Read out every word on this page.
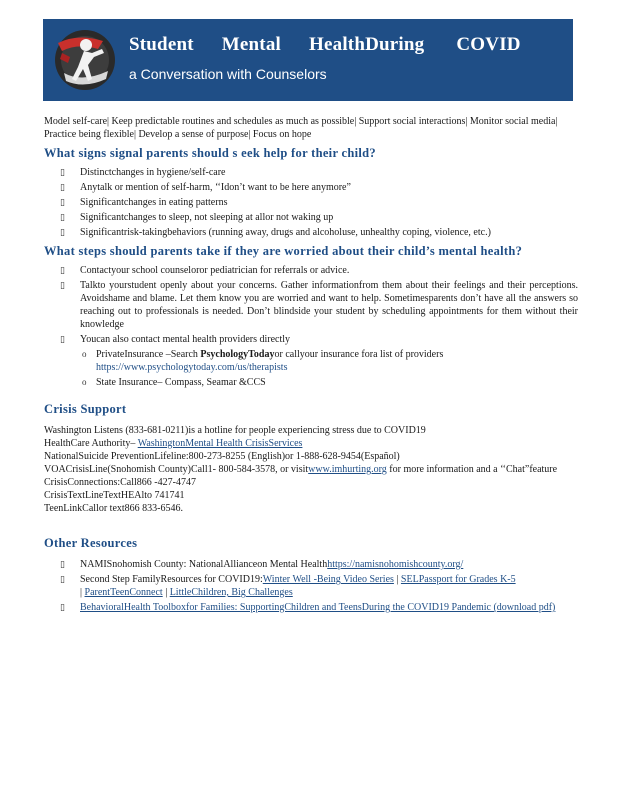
Student Mental HealthDuring COVID
a Conversation with Counselors

Model self-care| Keep predictable routines and schedules as much as possible| Support social interactions| Monitor social media| Practice being flexible| Develop a sense of purpose| Focus on hope

What signs signal parents should s eek help for their child?
▯ Distinctchanges in hygiene/self-care
▯ Anytalk or mention of self-harm, ‘‘Idon’t want to be here anymore”
▯ Significantchanges in eating patterns
▯ Significantchanges to sleep, not sleeping at allor not waking up
▯ Significantrisk-takingbehaviors (running away, drugs and alcoholuse, unhealthy coping, violence, etc.)
What steps should parents take if they are worried about their child’s mental health?
▯ Contactyour school counseloror pediatrician for referrals or advice.
▯ Talkto yourstudent openly about your concerns. Gather informationfrom them about their feelings and their perceptions. Avoidshame and blame. Let them know you are worried and want to help. Sometimesparents don’t have all the answers so reaching out to professionals is needed. Don’t blindside your student by scheduling appointments for them without their knowledge
▯ Youcan also contact mental health providers directly
o PrivateInsurance –Search PsychologyTodayor callyour insurance fora list of providers
https://www.psychologytoday.com/us/therapists
o State Insurance– Compass, Seamar &CCS
Crisis Support

Washington Listens (833-681-0211)is a hotline for people experiencing stress due to COVID19

HealthCare Authority– WashingtonMental Health CrisisServices

NationalSuicide PreventionLifeline:800-273-8255 (English)or 1-888-628-9454(Español)

VOACrisisLine(Snohomish County)Call1- 800-584-3578, or visitwww.imhurting.org for more information and a ‘‘Chat”feature

CrisisConnections:Call866 -427-4747

CrisisTextLineTextHEAlto 741741

TeenLinkCallor text866 833-6546.

Other Resources
▯ NAMISnohomish County: NationalAllianceon Mental Healthhttps://namisnohomishcounty.org/
▯ Second Step FamilyResources for COVID19:Winter Well -Being Video Series | SELPassport for Grades K-5
| ParentTeenConnect | LittleChildren, Big Challenges
▯ BehavioralHealth Toolboxfor Families: SupportingChildren and TeensDuring the COVID19 Pandemic (download pdf)
